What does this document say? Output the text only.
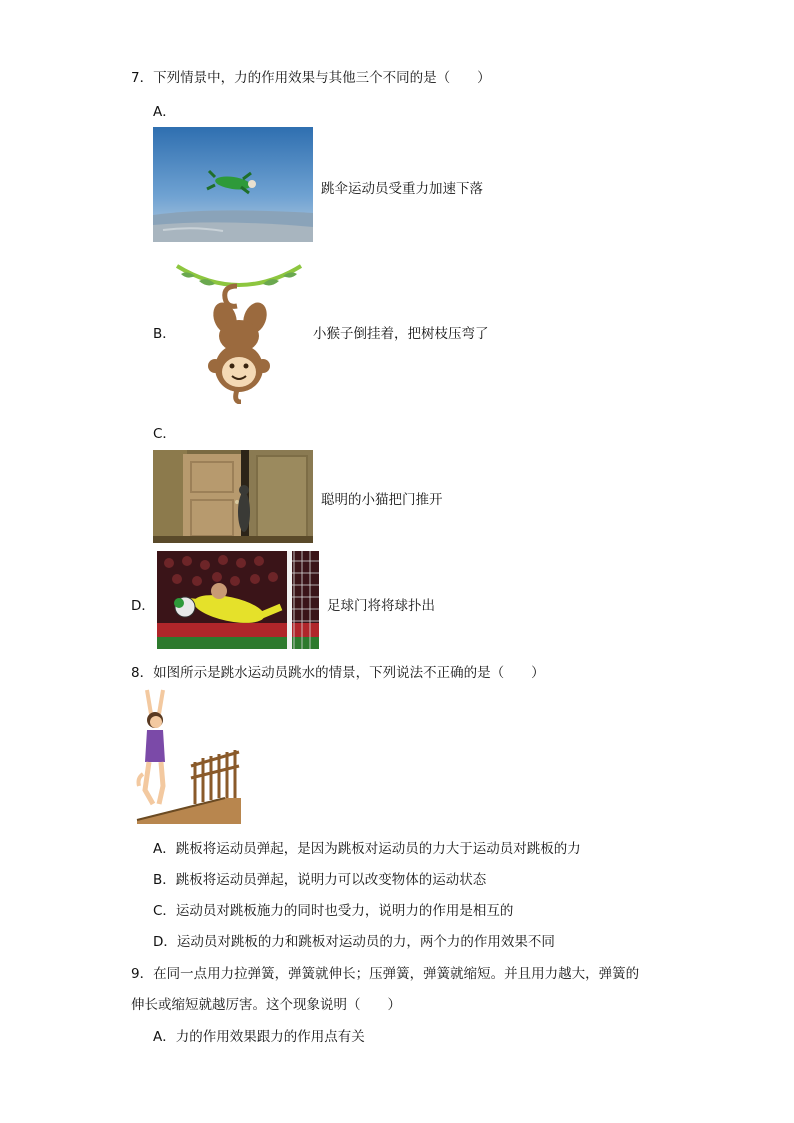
7．下列情景中，力的作用效果与其他三个不同的是（　　）
A．
跳伞运动员受重力加速下落
B．	小猴子倒挂着，把树枝压弯了
C．
聪明的小猫把门推开
D．	足球门将将球扑出
8．如图所示是跳水运动员跳水的情景，下列说法不正确的是（　　）
A．跳板将运动员弹起，是因为跳板对运动员的力大于运动员对跳板的力
B．跳板将运动员弹起，说明力可以改变物体的运动状态
C．运动员对跳板施力的同时也受力，说明力的作用是相互的
D．运动员对跳板的力和跳板对运动员的力，两个力的作用效果不同
9．在同一点用力拉弹簧，弹簧就伸长；压弹簧，弹簧就缩短。并且用力越大，弹簧的
伸长或缩短就越厉害。这个现象说明（　　）
A．力的作用效果跟力的作用点有关
